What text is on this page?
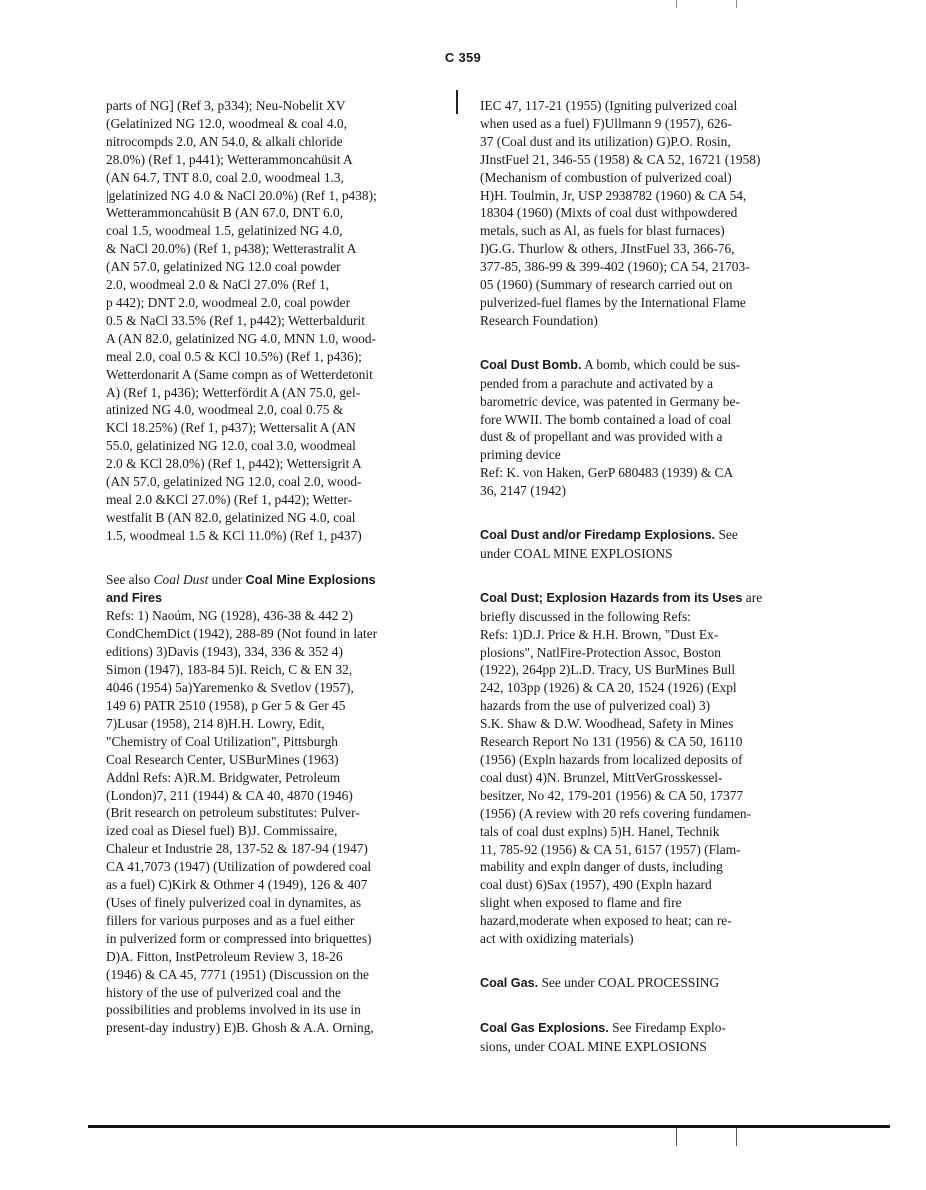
C 359
parts of NG] (Ref 3, p334); Neu-Nobelit XV
(Gelatinized NG 12.0, woodmeal & coal 4.0,
nitrocompds 2.0, AN 54.0, & alkali chloride
28.0%) (Ref 1, p441); Wetterammoncahüsit A
(AN 64.7, TNT 8.0, coal 2.0, woodmeal 1.3,
|gelatinized NG 4.0 & NaCl 20.0%) (Ref 1, p438);
Wetterammoncahüsit B (AN 67.0, DNT 6.0,
coal 1.5, woodmeal 1.5, gelatinized NG 4.0,
& NaCl 20.0%) (Ref 1, p438); Wetterastralit A
(AN 57.0, gelatinized NG 12.0 coal powder
2.0, woodmeal 2.0 & NaCl 27.0% (Ref 1,
p 442); DNT 2.0, woodmeal 2.0, coal powder
0.5 & NaCl 33.5% (Ref 1, p442); Wetterbaldurit
A (AN 82.0, gelatinized NG 4.0, MNN 1.0, wood-
meal 2.0, coal 0.5 & KCl 10.5%) (Ref 1, p436);
Wetterdonarit A (Same compn as of Wetterdetonit
A) (Ref 1, p436); Wetterfördit A (AN 75.0, gel-
atinized NG 4.0, woodmeal 2.0, coal 0.75 &
KCl 18.25%) (Ref 1, p437); Wettersalit A (AN
55.0, gelatinized NG 12.0, coal 3.0, woodmeal
2.0 & KCl 28.0%) (Ref 1, p442); Wettersigrit A
(AN 57.0, gelatinized NG 12.0, coal 2.0, wood-
meal 2.0 &KCl 27.0%) (Ref 1, p442); Wetter-
westfalit B (AN 82.0, gelatinized NG 4.0, coal
1.5, woodmeal 1.5 & KCl 11.0%) (Ref 1, p437)
See also Coal Dust under Coal Mine Explosions
and Fires
Refs: 1) Naoúm, NG (1928), 436-38 & 442 2)
CondChemDict (1942), 288-89 (Not found in later
editions) 3)Davis (1943), 334, 336 & 352 4)
Simon (1947), 183-84 5)I. Reich, C & EN 32,
4046 (1954) 5a)Yaremenko & Svetlov (1957),
149 6) PATR 2510 (1958), p Ger 5 & Ger 45
7)Lusar (1958), 214 8)H.H. Lowry, Edit,
"Chemistry of Coal Utilization", Pittsburgh
Coal Research Center, USBurMines (1963)
Addnl Refs: A)R.M. Bridgwater, Petroleum
(London)7, 211 (1944) & CA 40, 4870 (1946)
(Brit research on petroleum substitutes: Pulver-
ized coal as Diesel fuel) B)J. Commissaire,
Chaleur et Industrie 28, 137-52 & 187-94 (1947)
CA 41,7073 (1947) (Utilization of powdered coal
as a fuel) C)Kirk & Othmer 4 (1949), 126 & 407
(Uses of finely pulverized coal in dynamites, as
fillers for various purposes and as a fuel either
in pulverized form or compressed into briquettes)
D)A. Fitton, InstPetroleum Review 3, 18-26
(1946) & CA 45, 7771 (1951) (Discussion on the
history of the use of pulverized coal and the
possibilities and problems involved in its use in
present-day industry) E)B. Ghosh & A.A. Orning,
IEC 47, 117-21 (1955) (Igniting pulverized coal
when used as a fuel) F)Ullmann 9 (1957), 626-
37 (Coal dust and its utilization) G)P.O. Rosin,
JInstFuel 21, 346-55 (1958) & CA 52, 16721 (1958)
(Mechanism of combustion of pulverized coal)
H)H. Toulmin, Jr, USP 2938782 (1960) & CA 54,
18304 (1960) (Mixts of coal dust withpowdered
metals, such as Al, as fuels for blast furnaces)
I)G.G. Thurlow & others, JInstFuel 33, 366-76,
377-85, 386-99 & 399-402 (1960); CA 54, 21703-
05 (1960) (Summary of research carried out on
pulverized-fuel flames by the International Flame
Research Foundation)
Coal Dust Bomb. A bomb, which could be sus-
pended from a parachute and activated by a
barometric device, was patented in Germany be-
fore WWII. The bomb contained a load of coal
dust & of propellant and was provided with a
priming device
Ref: K. von Haken, GerP 680483 (1939) & CA
36, 2147 (1942)
Coal Dust and/or Firedamp Explosions. See
under COAL MINE EXPLOSIONS
Coal Dust; Explosion Hazards from its Uses are
briefly discussed in the following Refs:
Refs: 1)D.J. Price & H.H. Brown, "Dust Ex-
plosions", NatlFire-Protection Assoc, Boston
(1922), 264pp 2)L.D. Tracy, US BurMines Bull
242, 103pp (1926) & CA 20, 1524 (1926) (Expl
hazards from the use of pulverized coal) 3)
S.K. Shaw & D.W. Woodhead, Safety in Mines
Research Report No 131 (1956) & CA 50, 16110
(1956) (Expln hazards from localized deposits of
coal dust) 4)N. Brunzel, MittVerGrosskessel-
besitzer, No 42, 179-201 (1956) & CA 50, 17377
(1956) (A review with 20 refs covering fundamen-
tals of coal dust explns) 5)H. Hanel, Technik
11, 785-92 (1956) & CA 51, 6157 (1957) (Flam-
mability and expln danger of dusts, including
coal dust) 6)Sax (1957), 490 (Expln hazard
slight when exposed to flame and fire
hazard,moderate when exposed to heat; can re-
act with oxidizing materials)
Coal Gas. See under COAL PROCESSING
Coal Gas Explosions. See Firedamp Explo-
sions, under COAL MINE EXPLOSIONS
